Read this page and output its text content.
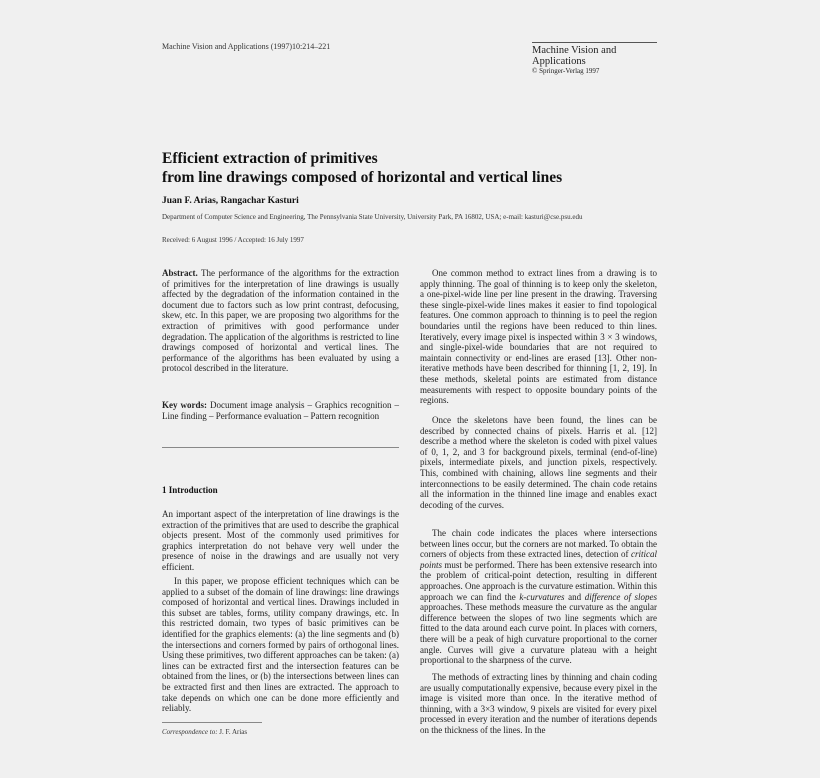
Machine Vision and Applications (1997)10:214–221	Machine Vision and
Applications
© Springer-Verlag 1997
Efficient extraction of primitives
from line drawings composed of horizontal and vertical lines
Juan F. Arias, Rangachar Kasturi
Department of Computer Science and Engineering, The Pennsylvania State University, University Park, PA 16802, USA; e-mail: kasturi@cse.psu.edu
Received: 6 August 1996 / Accepted: 16 July 1997
Abstract. The performance of the algorithms for the extraction of primitives for the interpretation of line drawings is usually affected by the degradation of the information contained in the document due to factors such as low print contrast, defocusing, skew, etc. In this paper, we are proposing two algorithms for the extraction of primitives with good performance under degradation. The application of the algorithms is restricted to line drawings composed of horizontal and vertical lines. The performance of the algorithms has been evaluated by using a protocol described in the literature.
Key words: Document image analysis – Graphics recognition – Line finding – Performance evaluation – Pattern recognition
1 Introduction
An important aspect of the interpretation of line drawings is the extraction of the primitives that are used to describe the graphical objects present. Most of the commonly used primitives for graphics interpretation do not behave very well under the presence of noise in the drawings and are usually not very efficient.
In this paper, we propose efficient techniques which can be applied to a subset of the domain of line drawings: line drawings composed of horizontal and vertical lines. Drawings included in this subset are tables, forms, utility company drawings, etc. In this restricted domain, two types of basic primitives can be identified for the graphics elements: (a) the line segments and (b) the intersections and corners formed by pairs of orthogonal lines. Using these primitives, two different approaches can be taken: (a) lines can be extracted first and the intersection features can be obtained from the lines, or (b) the intersections between lines can be extracted first and then lines are extracted. The approach to take depends on which one can be done more efficiently and reliably.
Correspondence to: J. F. Arias
One common method to extract lines from a drawing is to apply thinning. The goal of thinning is to keep only the skeleton, a one-pixel-wide line per line present in the drawing. Traversing these single-pixel-wide lines makes it easier to find topological features. One common approach to thinning is to peel the region boundaries until the regions have been reduced to thin lines. Iteratively, every image pixel is inspected within 3 × 3 windows, and single-pixel-wide boundaries that are not required to maintain connectivity or end-lines are erased [13]. Other non-iterative methods have been described for thinning [1, 2, 19]. In these methods, skeletal points are estimated from distance measurements with respect to opposite boundary points of the regions.
Once the skeletons have been found, the lines can be described by connected chains of pixels. Harris et al. [12] describe a method where the skeleton is coded with pixel values of 0, 1, 2, and 3 for background pixels, terminal (end-of-line) pixels, intermediate pixels, and junction pixels, respectively. This, combined with chaining, allows line segments and their interconnections to be easily determined. The chain code retains all the information in the thinned line image and enables exact decoding of the curves.
The chain code indicates the places where intersections between lines occur, but the corners are not marked. To obtain the corners of objects from these extracted lines, detection of critical points must be performed. There has been extensive research into the problem of critical-point detection, resulting in different approaches. One approach is the curvature estimation. Within this approach we can find the k-curvatures and difference of slopes approaches. These methods measure the curvature as the angular difference between the slopes of two line segments which are fitted to the data around each curve point. In places with corners, there will be a peak of high curvature proportional to the corner angle. Curves will give a curvature plateau with a height proportional to the sharpness of the curve.
The methods of extracting lines by thinning and chain coding are usually computationally expensive, because every pixel in the image is visited more than once. In the iterative method of thinning, with a 3×3 window, 9 pixels are visited for every pixel processed in every iteration and the number of iterations depends on the thickness of the lines. In the
